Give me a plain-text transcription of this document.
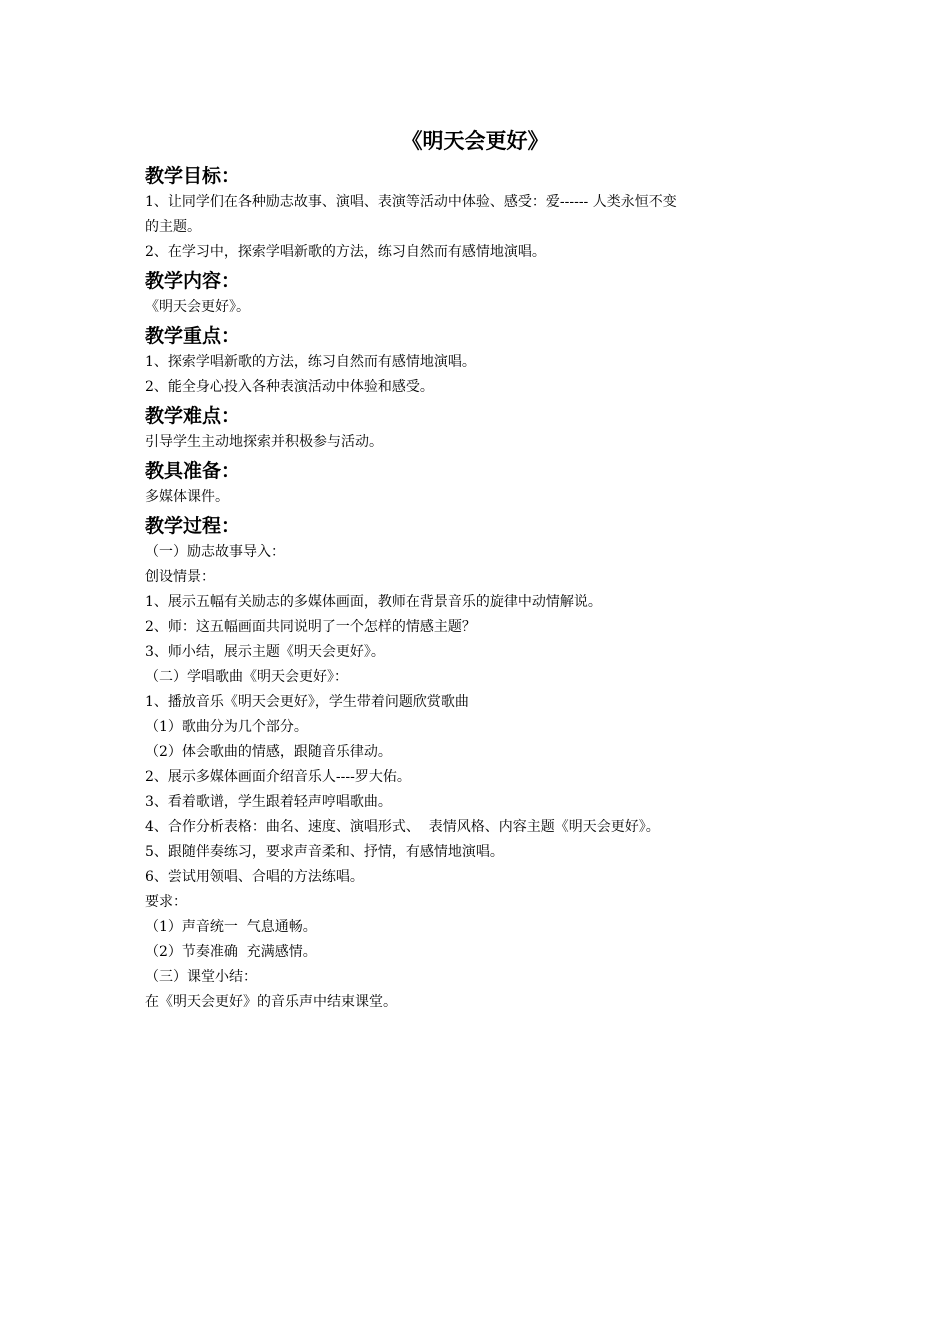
《明天会更好》
教学目标：

1、让同学们在各种励志故事、演唱、表演等活动中体验、感受：爱------ 人类永恒不变

的主题。

2、在学习中，探索学唱新歌的方法，练习自然而有感情地演唱。

教学内容：

《明天会更好》。

教学重点：

1、探索学唱新歌的方法，练习自然而有感情地演唱。

2、能全身心投入各种表演活动中体验和感受。

教学难点：

引导学生主动地探索并积极参与活动。

教具准备：

多媒体课件。

教学过程：

（一）励志故事导入：

创设情景：

1、展示五幅有关励志的多媒体画面，教师在背景音乐的旋律中动情解说。

2、师：这五幅画面共同说明了一个怎样的情感主题？

3、师小结，展示主题《明天会更好》。

（二）学唱歌曲《明天会更好》：

1、播放音乐《明天会更好》，学生带着问题欣赏歌曲

（1）歌曲分为几个部分。

（2）体会歌曲的情感，跟随音乐律动。

2、展示多媒体画面介绍音乐人----罗大佑。

3、看着歌谱，学生跟着轻声哼唱歌曲。

4、合作分析表格：曲名、速度、演唱形式、  表情风格、内容主题《明天会更好》。

5、跟随伴奏练习，要求声音柔和、抒情，有感情地演唱。

6、尝试用领唱、合唱的方法练唱。

要求：

（1）声音统一  气息通畅。

（2）节奏准确  充满感情。

（三）课堂小结：

在《明天会更好》的音乐声中结束课堂。
